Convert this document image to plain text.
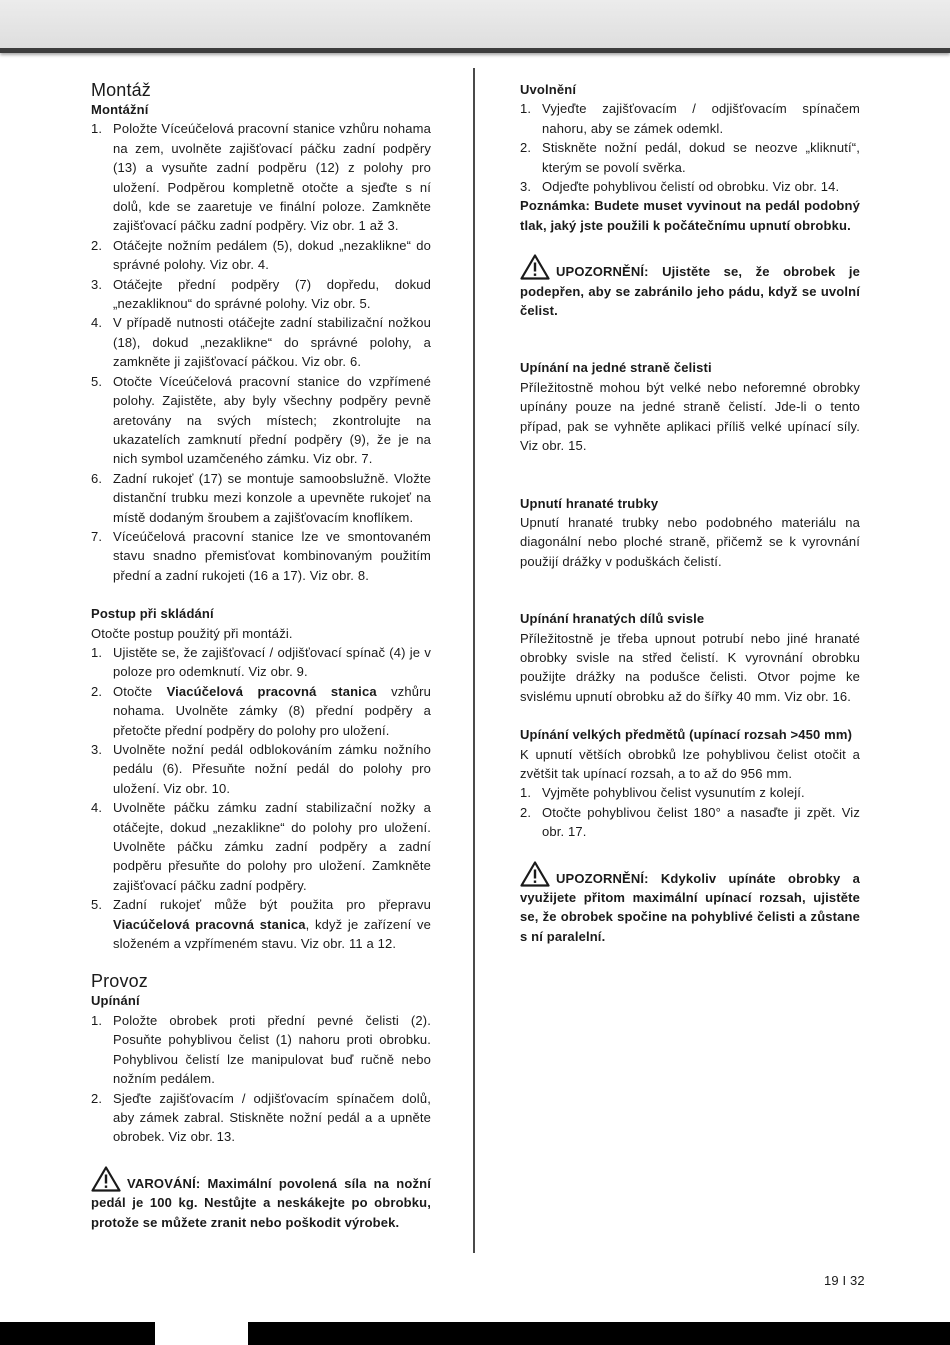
Montáž
Montážní
1. Položte Víceúčelová pracovní stanice vzhůru nohama na zem, uvolněte zajišťovací páčku zadní podpěry (13) a vysuňte zadní podpěru (12) z polohy pro uložení. Podpěrou kompletně otočte a sjeďte s ní dolů, kde se zaaretuje ve finální poloze. Zamkněte zajišťovací páčku zadní podpěry. Viz obr. 1 až 3.
2. Otáčejte nožním pedálem (5), dokud „nezaklikne“ do správné polohy. Viz obr. 4.
3. Otáčejte přední podpěry (7) dopředu, dokud „nezakliknou“ do správné polohy. Viz obr. 5.
4. V případě nutnosti otáčejte zadní stabilizační nožkou (18), dokud „nezaklikne“ do správné polohy, a zamkněte ji zajišťovací páčkou. Viz obr. 6.
5. Otočte Víceúčelová pracovní stanice do vzpřímené polohy. Zajistěte, aby byly všechny podpěry pevně aretovány na svých místech; zkontrolujte na ukazatelích zamknutí přední podpěry (9), že je na nich symbol uzamčeného zámku. Viz obr. 7.
6. Zadní rukojeť (17) se montuje samoobslužně. Vložte distanční trubku mezi konzole a upevněte rukojeť na místě dodaným šroubem a zajišťovacím knoflíkem.
7. Víceúčelová pracovní stanice lze ve smontovaném stavu snadno přemisťovat kombinovaným použitím přední a zadní rukojeti (16 a 17). Viz obr. 8.
Postup při skládání

Otočte postup použitý při montáži.

1. Ujistěte se, že zajišťovací / odjišťovací spínač (4) je v poloze pro odemknutí. Viz obr. 9.
2. Otočte Viacúčelová pracovná stanica vzhůru nohama. Uvolněte zámky (8) přední podpěry a přetočte přední podpěry do polohy pro uložení.
3. Uvolněte nožní pedál odblokováním zámku nožního pedálu (6). Přesuňte nožní pedál do polohy pro uložení. Viz obr. 10.
4. Uvolněte páčku zámku zadní stabilizační nožky a otáčejte, dokud „nezaklikne“ do polohy pro uložení. Uvolněte páčku zámku zadní podpěry a zadní podpěru přesuňte do polohy pro uložení. Zamkněte zajišťovací páčku zadní podpěry.
5. Zadní rukojeť může být použita pro přepravu Viacúčelová pracovná stanica, když je zařízení ve složeném a vzpřímeném stavu. Viz obr. 11 a 12.
Provoz
Upínání
1. Položte obrobek proti přední pevné čelisti (2). Posuňte pohyblivou čelist (1) nahoru proti obrobku. Pohyblivou čelistí lze manipulovat buď ručně nebo nožním pedálem.
2. Sjeďte zajišťovacím / odjišťovacím spínačem dolů, aby zámek zabral. Stiskněte nožní pedál a a upněte obrobek. Viz obr. 13.
VAROVÁNÍ: Maximální povolená síla na nožní pedál je 100 kg. Nestůjte a neskákejte po obrobku, protože se můžete zranit nebo poškodit výrobek.
Uvolnění
1. Vyjeďte zajišťovacím / odjišťovacím spínačem nahoru, aby se zámek odemkl.
2. Stiskněte nožní pedál, dokud se neozve „kliknutí“, kterým se povolí svěrka.
3. Odjeďte pohyblivou čelistí od obrobku. Viz obr. 14.
Poznámka: Budete muset vyvinout na pedál podobný tlak, jaký jste použili k počátečnímu upnutí obrobku.
UPOZORNĚNÍ: Ujistěte se, že obrobek je podepřen, aby se zabránilo jeho pádu, když se uvolní čelist.
Upínání na jedné straně čelisti

Příležitostně mohou být velké nebo neforemné obrobky upínány pouze na jedné straně čelistí. Jde-li o tento případ, pak se vyhněte aplikaci příliš velké upínací síly. Viz obr. 15.

Upnutí hranaté trubky

Upnutí hranaté trubky nebo podobného materiálu na diagonální nebo ploché straně, přičemž se k vyrovnání použijí drážky v poduškách čelistí.

Upínání hranatých dílů svisle

Příležitostně je třeba upnout potrubí nebo jiné hranaté obrobky svisle na střed čelistí. K vyrovnání obrobku použijte drážky na podušce čelisti. Otvor pojme ke svislému upnutí obrobku až do šířky 40 mm. Viz obr. 16.

Upínání velkých předmětů (upínací rozsah >450 mm)

K upnutí větších obrobků lze pohyblivou čelist otočit a zvětšit tak upínací rozsah, a to až do 956 mm.

1. Vyjměte pohyblivou čelist vysunutím z kolejí.
2. Otočte pohyblivou čelist 180° a nasaďte ji zpět. Viz obr. 17.
UPOZORNĚNÍ: Kdykoliv upínáte obrobky a využijete přitom maximální upínací rozsah, ujistěte se, že obrobek spočine na pohyblivé čelisti a zůstane s ní paralelní.
19 I 32
